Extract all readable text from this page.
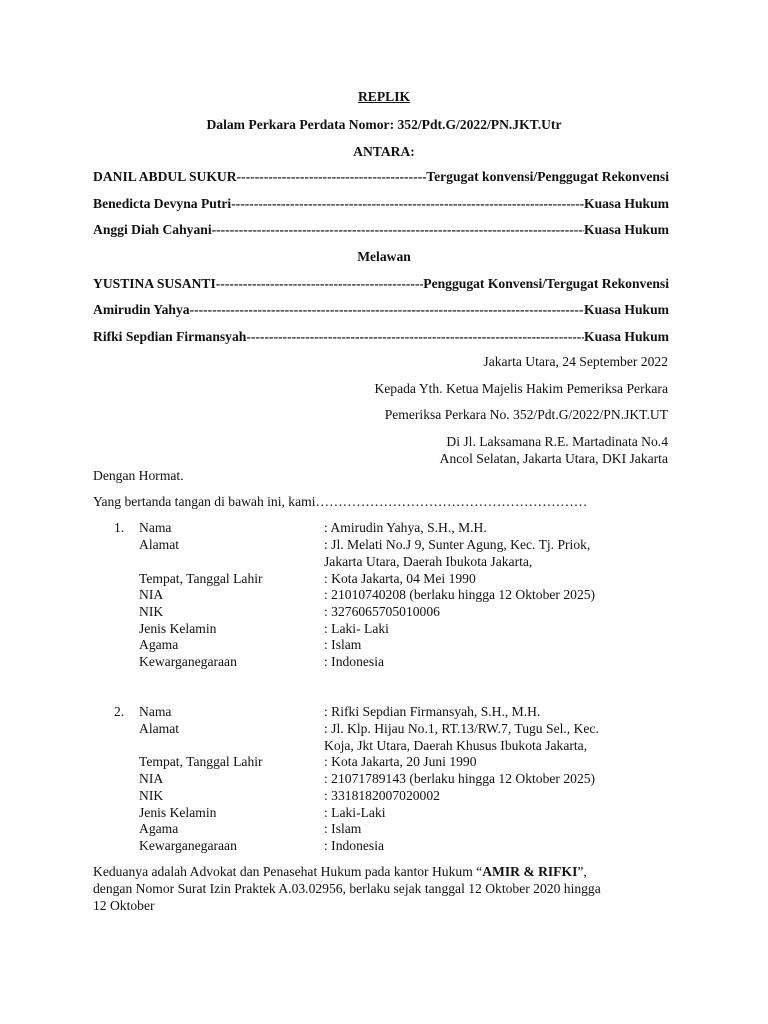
REPLIK
Dalam Perkara Perdata Nomor: 352/Pdt.G/2022/PN.JKT.Utr
ANTARA:
DANIL ABDUL SUKUR -----	Tergugat konvensi/Penggugat Rekonvensi
Benedicta Devyna Putri -----	Kuasa Hukum
Anggi Diah Cahyani -----	Kuasa Hukum
Melawan
YUSTINA SUSANTI -----	Penggugat Konvensi/Tergugat Rekonvensi
Amirudin Yahya -----	Kuasa Hukum
Rifki Sepdian Firmansyah -----	Kuasa Hukum
Jakarta Utara, 24 September 2022
Kepada Yth. Ketua Majelis Hakim Pemeriksa Perkara
Pemeriksa Perkara No. 352/Pdt.G/2022/PN.JKT.UT
Di Jl. Laksamana R.E. Martadinata No.4
Ancol Selatan, Jakarta Utara, DKI Jakarta
Dengan Hormat.
Yang bertanda tangan di bawah ini, kami……………………………………………………
1. Nama	: Amirudin Yahya, S.H., M.H.
Alamat	: Jl. Melati No.J 9, Sunter Agung, Kec. Tj. Priok,
Jakarta Utara, Daerah Ibukota Jakarta,
Tempat, Tanggal Lahir	: Kota Jakarta, 04 Mei 1990
NIA	: 21010740208 (berlaku hingga 12 Oktober 2025)
NIK	: 3276065705010006
Jenis Kelamin	: Laki- Laki
Agama	: Islam
Kewarganegaraan	: Indonesia
2. Nama	: Rifki Sepdian Firmansyah, S.H., M.H.
Alamat	: Jl. Klp. Hijau No.1, RT.13/RW.7, Tugu Sel., Kec.
Koja, Jkt Utara, Daerah Khusus Ibukota Jakarta,
Tempat, Tanggal Lahir	: Kota Jakarta, 20 Juni 1990
NIA	: 21071789143 (berlaku hingga 12 Oktober 2025)
NIK	: 3318182007020002
Jenis Kelamin	: Laki-Laki
Agama	: Islam
Kewarganegaraan	: Indonesia
Keduanya adalah Advokat dan Penasehat Hukum pada kantor Hukum “AMIR & RIFKI”,
dengan Nomor Surat Izin Praktek A.03.02956, berlaku sejak tanggal 12 Oktober 2020 hingga
12 Oktober
